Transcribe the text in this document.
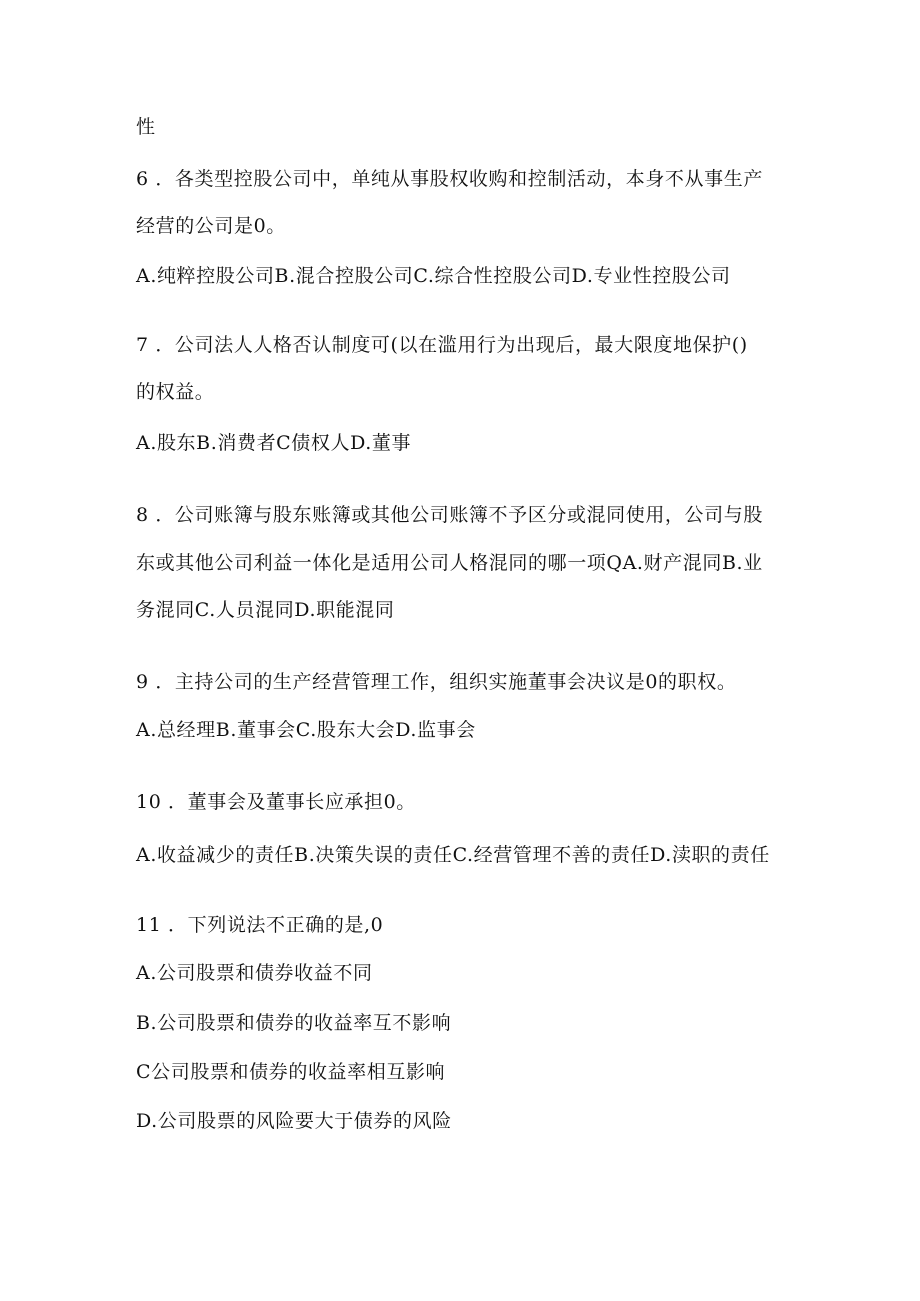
性
6 ．各类型控股公司中，单纯从事股权收购和控制活动，本身不从事生产
经营的公司是0。
A.纯粹控股公司B.混合控股公司C.综合性控股公司D.专业性控股公司
7 ．公司法人人格否认制度可(以在滥用行为出现后，最大限度地保护()
的权益。
A.股东B.消费者C债权人D.董事
8 ．公司账簿与股东账簿或其他公司账簿不予区分或混同使用，公司与股
东或其他公司利益一体化是适用公司人格混同的哪一项QA.财产混同B.业
务混同C.人员混同D.职能混同
9 ．主持公司的生产经营管理工作，组织实施董事会决议是0的职权。
A.总经理B.董事会C.股东大会D.监事会
10 ．董事会及董事长应承担0。
A.收益减少的责任B.决策失误的责任C.经营管理不善的责任D.渎职的责任
11 ．下列说法不正确的是,0
A.公司股票和债券收益不同
B.公司股票和债券的收益率互不影响
C公司股票和债券的收益率相互影响
D.公司股票的风险要大于债券的风险
